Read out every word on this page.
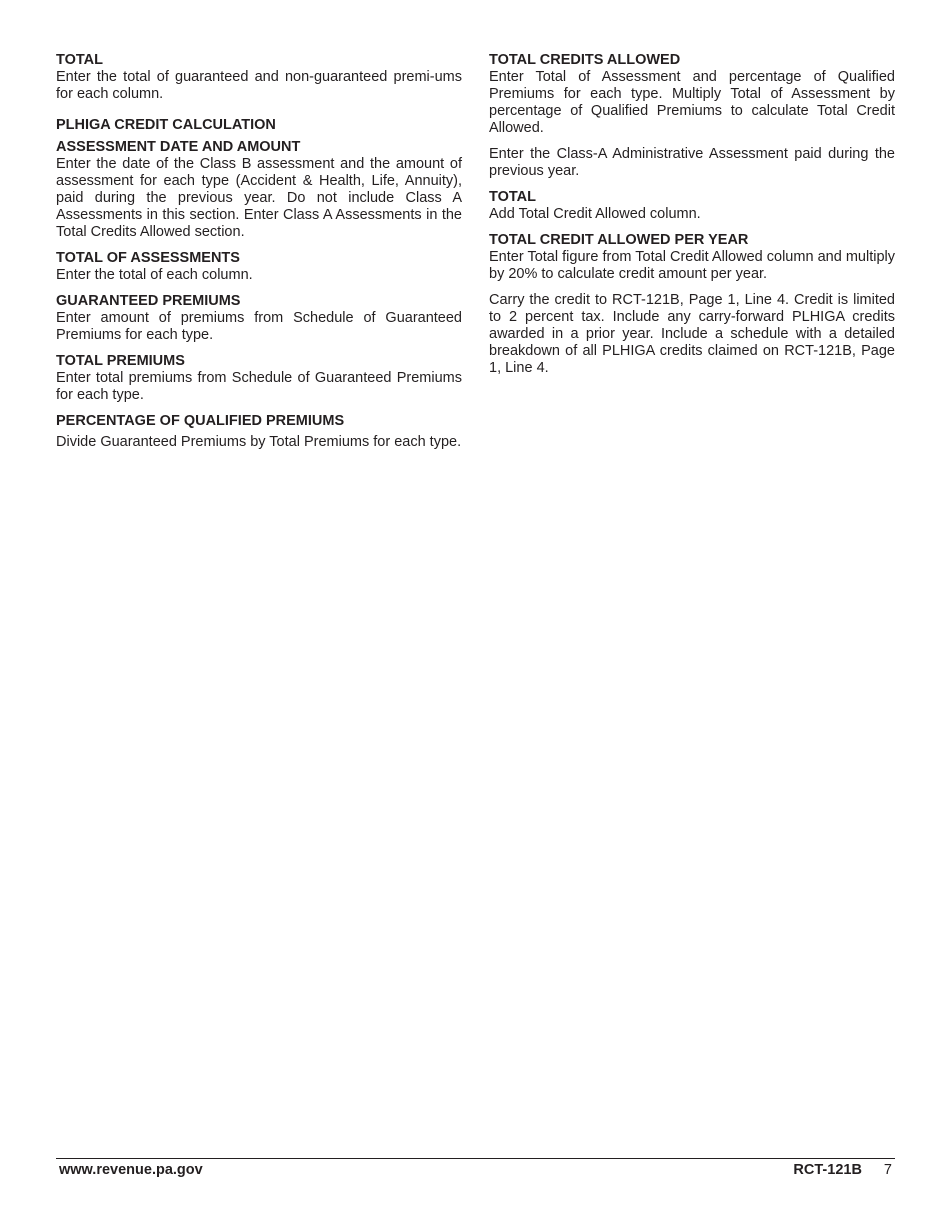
TOTAL

Enter the total of guaranteed and non-guaranteed premi-ums for each column.

PLHIGA CREDIT CALCULATION

ASSESSMENT DATE AND AMOUNT

Enter the date of the Class B assessment and the amount of assessment for each type (Accident & Health, Life, Annuity), paid during the previous year. Do not include Class A Assessments in this section. Enter Class A Assessments in the Total Credits Allowed section.

TOTAL OF ASSESSMENTS

Enter the total of each column.

GUARANTEED PREMIUMS

Enter amount of premiums from Schedule of Guaranteed Premiums for each type.

TOTAL PREMIUMS

Enter total premiums from Schedule of Guaranteed Premiums for each type.

PERCENTAGE OF QUALIFIED PREMIUMS

Divide Guaranteed Premiums by Total Premiums for each type.

TOTAL CREDITS ALLOWED

Enter Total of Assessment and percentage of Qualified Premiums for each type. Multiply Total of Assessment by percentage of Qualified Premiums to calculate Total Credit Allowed.

Enter the Class-A Administrative Assessment paid during the previous year.

TOTAL

Add Total Credit Allowed column.

TOTAL CREDIT ALLOWED PER YEAR

Enter Total figure from Total Credit Allowed column and multiply by 20% to calculate credit amount per year.

Carry the credit to RCT-121B, Page 1, Line 4. Credit is limited to 2 percent tax. Include any carry-forward PLHIGA credits awarded in a prior year. Include a schedule with a detailed breakdown of all PLHIGA credits claimed on RCT-121B, Page 1, Line 4.

www.revenue.pa.gov	RCT-121B 7
